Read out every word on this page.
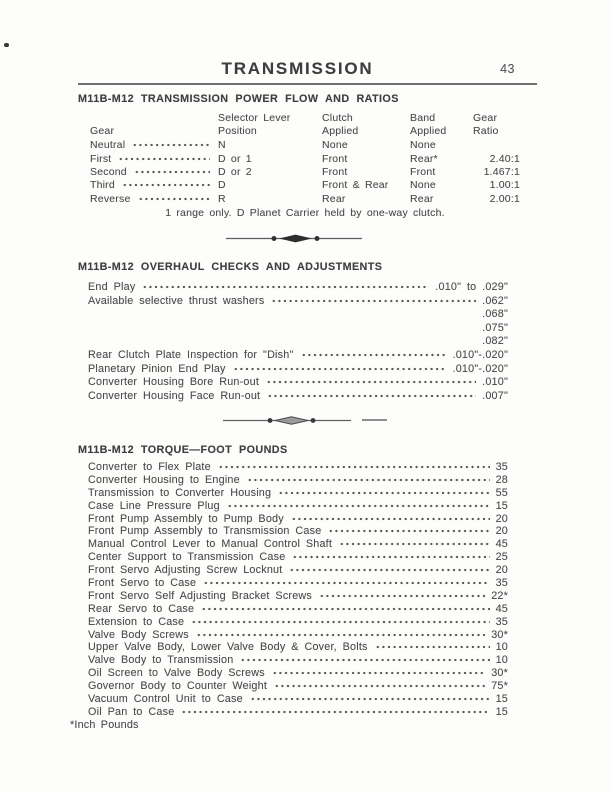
TRANSMISSION	43
M11B-M12 TRANSMISSION POWER FLOW AND RATIOS
Gear
Selector Lever
Position
Clutch
Applied
Band
Applied
Gear
Ratio
Neutral	N	None	None
First	D or 1	Front	Rear*	2.40:1
Second	D or 2	Front	Front	1.467:1
Third	D	Front & Rear	None	1.00:1
Reverse	R	Rear	Rear	2.00:1
1 range only. D Planet Carrier held by one-way clutch.
M11B-M12 OVERHAUL CHECKS AND ADJUSTMENTS
End Play	.010" to .029"
Available selective thrust washers	.062"
.068"
.075"
.082"
Rear Clutch Plate Inspection for "Dish"	.010"-.020"
Planetary Pinion End Play	.010"-.020"
Converter Housing Bore Run-out	.010"
Converter Housing Face Run-out	.007"
M11B-M12 TORQUE—FOOT POUNDS
Converter to Flex Plate	35
Converter Housing to Engine	28
Transmission to Converter Housing	55
Case Line Pressure Plug	15
Front Pump Assembly to Pump Body	20
Front Pump Assembly to Transmission Case	20
Manual Control Lever to Manual Control Shaft	45
Center Support to Transmission Case	25
Front Servo Adjusting Screw Locknut	20
Front Servo to Case	35
Front Servo Self Adjusting Bracket Screws	22*
Rear Servo to Case	45
Extension to Case	35
Valve Body Screws	30*
Upper Valve Body, Lower Valve Body & Cover, Bolts	10
Valve Body to Transmission	10
Oil Screen to Valve Body Screws	30*
Governor Body to Counter Weight	75*
Vacuum Control Unit to Case	15
Oil Pan to Case	15
*Inch Pounds
